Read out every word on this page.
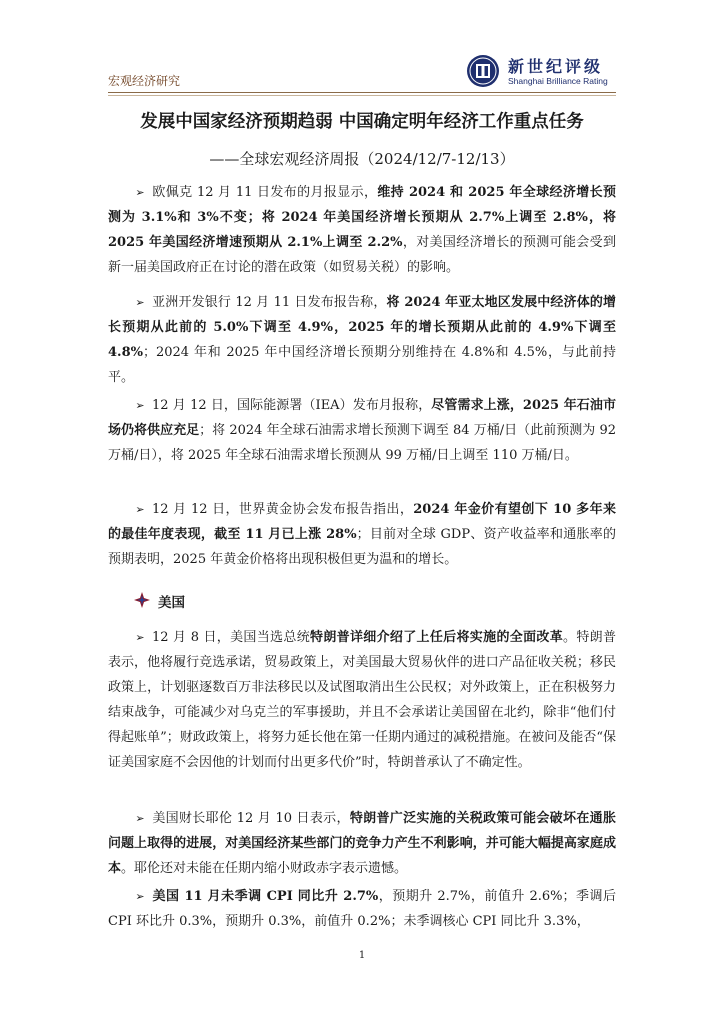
宏观经济研究
新世纪评级
Shanghai Brilliance Rating
发展中国家经济预期趋弱 中国确定明年经济工作重点任务
——全球宏观经济周报（2024/12/7-12/13）

➢ 欧佩克 12 月 11 日发布的月报显示，维持 2024 和 2025 年全球经济增长预测为 3.1%和 3%不变；将 2024 年美国经济增长预期从 2.7%上调至 2.8%，将 2025 年美国经济增速预期从 2.1%上调至 2.2%，对美国经济增长的预测可能会受到新一届美国政府正在讨论的潜在政策（如贸易关税）的影响。

➢ 亚洲开发银行 12 月 11 日发布报告称，将 2024 年亚太地区发展中经济体的增长预期从此前的 5.0%下调至 4.9%，2025 年的增长预期从此前的 4.9%下调至 4.8%；2024 年和 2025 年中国经济增长预期分别维持在 4.8%和 4.5%，与此前持平。

➢ 12 月 12 日，国际能源署（IEA）发布月报称，尽管需求上涨，2025 年石油市场仍将供应充足；将 2024 年全球石油需求增长预测下调至 84 万桶/日（此前预测为 92 万桶/日），将 2025 年全球石油需求增长预测从 99 万桶/日上调至 110 万桶/日。

➢ 12 月 12 日，世界黄金协会发布报告指出，2024 年金价有望创下 10 多年来的最佳年度表现，截至 11 月已上涨 28%；目前对全球 GDP、资产收益率和通胀率的预期表明，2025 年黄金价格将出现积极但更为温和的增长。

美国

➢ 12 月 8 日，美国当选总统特朗普详细介绍了上任后将实施的全面改革。特朗普表示，他将履行竞选承诺，贸易政策上，对美国最大贸易伙伴的进口产品征收关税；移民政策上，计划驱逐数百万非法移民以及试图取消出生公民权；对外政策上，正在积极努力结束战争，可能减少对乌克兰的军事援助，并且不会承诺让美国留在北约，除非“他们付得起账单”；财政政策上，将努力延长他在第一任期内通过的减税措施。在被问及能否“保证美国家庭不会因他的计划而付出更多代价”时，特朗普承认了不确定性。

➢ 美国财长耶伦 12 月 10 日表示，特朗普广泛实施的关税政策可能会破坏在通胀问题上取得的进展，对美国经济某些部门的竞争力产生不利影响，并可能大幅提高家庭成本。耶伦还对未能在任期内缩小财政赤字表示遗憾。

➢ 美国 11 月未季调 CPI 同比升 2.7%，预期升 2.7%，前值升 2.6%；季调后 CPI 环比升 0.3%，预期升 0.3%，前值升 0.2%；未季调核心 CPI 同比升 3.3%，

1
